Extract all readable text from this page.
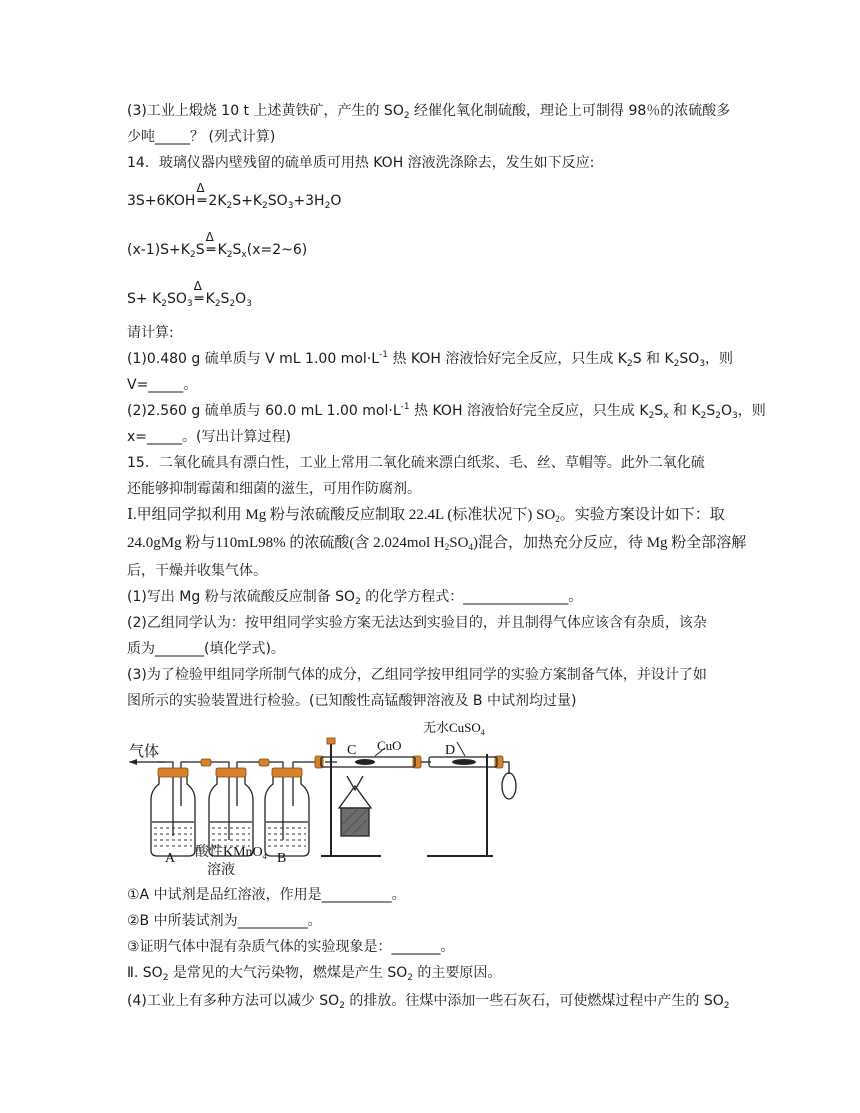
(3)工业上煅烧 10 t 上述黄铁矿，产生的 $SO_2$ 经催化氧化制硫酸，理论上可制得 98％的浓硫酸多
少吨_____？ (列式计算)
14．玻璃仪器内壁残留的硫单质可用热 KOH 溶液洗涤除去，发生如下反应:
3S+6KOH
Δ
═ $2K_2S+K_2SO_3+3H_2O$
$(x-1)S+K_2S$
Δ
═ $K_2S_x(x=2\sim 6)$
$S+ K_2SO_3$
Δ
═ $K_2S_2O_3$
请计算:
(1)0.480 g 硫单质与 V mL 1.00 $mol\cdot L^{-1}$ 热 KOH 溶液恰好完全反应，只生成 $K_2S$ 和 $K_2SO_3$，则
V=_____。
(2)2.560 g 硫单质与 60.0 mL 1.00 $mol\cdot L^{-1}$ 热 KOH 溶液恰好完全反应，只生成 $K_2S_x$ 和 $K_2S_2O_3$，则
x=_____。(写出计算过程)
15．二氧化硫具有漂白性，工业上常用二氧化硫来漂白纸浆、毛、丝、草帽等。此外二氧化硫
还能够抑制霉菌和细菌的滋生，可用作防腐剂。
Ⅰ.甲组同学拟利用 Mg 粉与浓硫酸反应制取 22.4L (标准状况下) $SO_2$。实验方案设计如下：取
24.0gMg 粉与110mL98% 的浓硫酸(含 2.024mol $H_2SO_4$)混合，加热充分反应，待 Mg 粉全部溶解
后，干燥并收集气体。
(1)写出 Mg 粉与浓硫酸反应制备 $SO_2$ 的化学方程式：_______________。
(2)乙组同学认为：按甲组同学实验方案无法达到实验目的，并且制得气体应该含有杂质，该杂
质为_______(填化学式)。
(3)为了检验甲组同学所制气体的成分，乙组同学按甲组同学的实验方案制备气体，并设计了如
图所示的实验装置进行检验。(已知酸性高锰酸钾溶液及 B 中试剂均过量)
气体
A	B
C	D
CuO
无水CuSO$_4$
酸性KMnO$_4$
溶液
①A 中试剂是品红溶液，作用是__________。
②B 中所装试剂为__________。
③证明气体中混有杂质气体的实验现象是：_______。
Ⅱ. $SO_2$ 是常见的大气污染物，燃煤是产生 $SO_2$ 的主要原因。
(4)工业上有多种方法可以减少 $SO_2$ 的排放。往煤中添加一些石灰石，可使燃煤过程中产生的 $SO_2$
